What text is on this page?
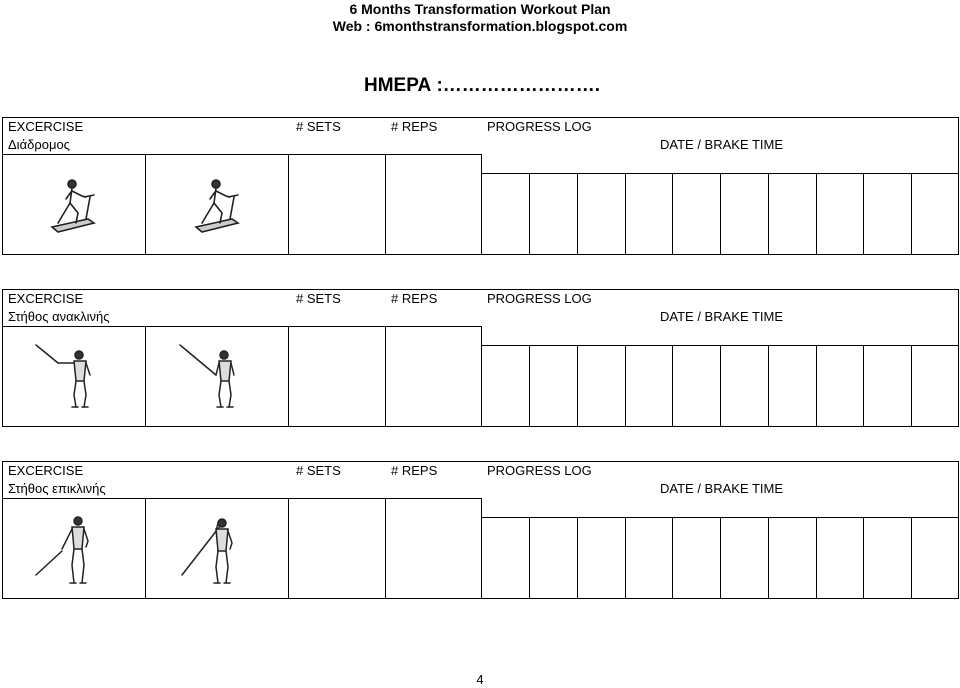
6 Months Transformation Workout Plan
Web : 6monthstransformation.blogspot.com
ΗΜΕΡΑ :…………………….
EXCERCISE	# SETS	# REPS	PROGRESS LOG
Διάδρομος	DATE / BRAKE TIME
EXCERCISE	# SETS	# REPS	PROGRESS LOG
Στήθος ανακλινής	DATE / BRAKE TIME
EXCERCISE	# SETS	# REPS	PROGRESS LOG
Στήθος επικλινής	DATE / BRAKE TIME
4
